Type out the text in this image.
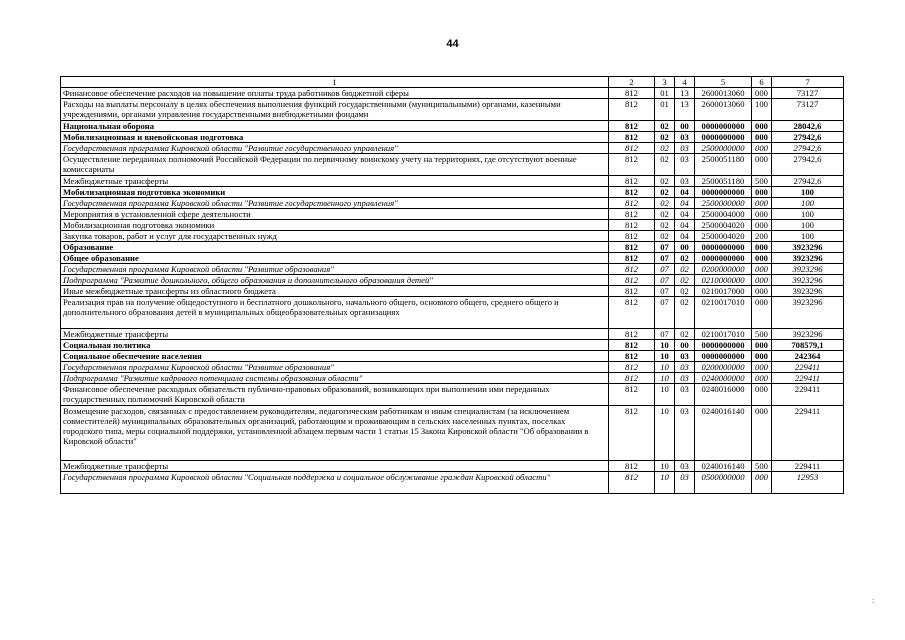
44
1	2	3	4	5	6	7
Финансовое обеспечение расходов на повышение оплаты труда работников бюджетной сферы	812	01	13	2600013060	000	73127
Расходы на выплаты персоналу в целях обеспечения выполнения функций государственными (муниципальными) органами, казенными учреждениями, органами управления государственными внебюджетными фондами	812	01	13	2600013060	100	73127
Национальная оборона	812	02	00	0000000000	000	28042,6
Мобилизационная и вневойсковая подготовка	812	02	03	0000000000	000	27942,6
Государственная программа Кировской области "Развитие государственного управления"	812	02	03	2500000000	000	27942,6
Осуществление переданных полномочий Российской Федерации по первичному воинскому учету на территориях, где отсутствуют военные комиссариаты	812	02	03	2500051180	000	27942,6
Межбюджетные трансферты	812	02	03	2500051180	500	27942,6
Мобилизационная подготовка экономики	812	02	04	0000000000	000	100
Государственная программа Кировской области "Развитие государственного управления"	812	02	04	2500000000	000	100
Мероприятия в установленной сфере деятельности	812	02	04	2500004000	000	100
Мобилизационная подготовка экономики	812	02	04	2500004020	000	100
Закупка товаров, работ и услуг для государственных нужд	812	02	04	2500004020	200	100
Образование	812	07	00	0000000000	000	3923296
Общее образование	812	07	02	0000000000	000	3923296
Государственная программа Кировской области "Развитие образования"	812	07	02	0200000000	000	3923296
Подпрограмма "Развитие дошкольного, общего образования и дополнительного образования детей"	812	07	02	0210000000	000	3923296
Иные межбюджетные трансферты из областного бюджета	812	07	02	0210017000	000	3923296
Реализация прав на получение общедоступного и бесплатного дошкольного, начального общего, основного общего, среднего общего и дополнительного образования детей в муниципальных общеобразовательных организациях	812	07	02	0210017010	000	3923296
Межбюджетные трансферты	812	07	02	0210017010	500	3923296
Социальная политика	812	10	00	0000000000	000	708579,1
Социальное обеспечение населения	812	10	03	0000000000	000	242364
Государственная программа Кировской области "Развитие образования"	812	10	03	0200000000	000	229411
Подпрограмма "Развитие кадрового потенциала системы образования области"	812	10	03	0240000000	000	229411
Финансовое обеспечение расходных обязательств публично-правовых образований, возникающих при выполнении ими переданных государственных полномочий Кировской области	812	10	03	0240016000	000	229411
Возмещение расходов, связанных с предоставлением руководителям, педагогическим работникам и иным специалистам (за исключением совместителей) муниципальных образовательных организаций, работающим и проживающим в сельских населенных пунктах, поселках городского типа, меры социальной поддержки, установленной абзацем первым части 1 статьи 15 Закона Кировской области "Об образовании в Кировской области"	812	10	03	0240016140	000	229411
Межбюджетные трансферты	812	10	03	0240016140	500	229411
Государственная программа Кировской области "Социальная поддержка и социальное обслуживание граждан Кировской области"	812	10	03	0500000000	000	12953
:
